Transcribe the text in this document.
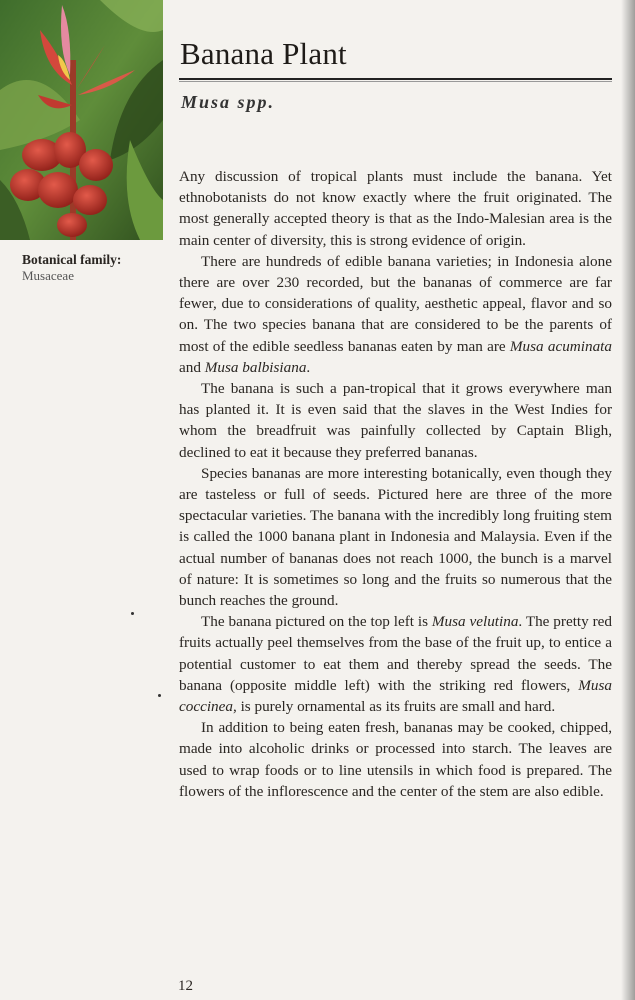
Botanical family:
Musaceae
Banana Plant
Musa spp.

Any discussion of tropical plants must include the banana. Yet ethnobotanists do not know exactly where the fruit originated. The most generally accepted theory is that as the Indo-Malesian area is the main center of diversity, this is strong evidence of origin.

There are hundreds of edible banana varieties; in Indonesia alone there are over 230 recorded, but the bananas of commerce are far fewer, due to considerations of quality, aesthetic appeal, flavor and so on. The two species banana that are considered to be the parents of most of the edible seedless bananas eaten by man are Musa acuminata and Musa balbisiana.

The banana is such a pan-tropical that it grows everywhere man has planted it. It is even said that the slaves in the West Indies for whom the breadfruit was painfully collected by Captain Bligh, declined to eat it because they preferred bananas.

Species bananas are more interesting botanically, even though they are tasteless or full of seeds. Pictured here are three of the more spectacular varieties. The banana with the incredibly long fruiting stem is called the 1000 banana plant in Indonesia and Malaysia. Even if the actual number of bananas does not reach 1000, the bunch is a marvel of nature: It is sometimes so long and the fruits so numerous that the bunch reaches the ground.

The banana pictured on the top left is Musa velutina. The pretty red fruits actually peel themselves from the base of the fruit up, to entice a potential customer to eat them and thereby spread the seeds. The banana (opposite middle left) with the striking red flowers, Musa coccinea, is purely ornamental as its fruits are small and hard.

In addition to being eaten fresh, bananas may be cooked, chipped, made into alcoholic drinks or processed into starch. The leaves are used to wrap foods or to line utensils in which food is prepared. The flowers of the inflorescence and the center of the stem are also edible.

12
